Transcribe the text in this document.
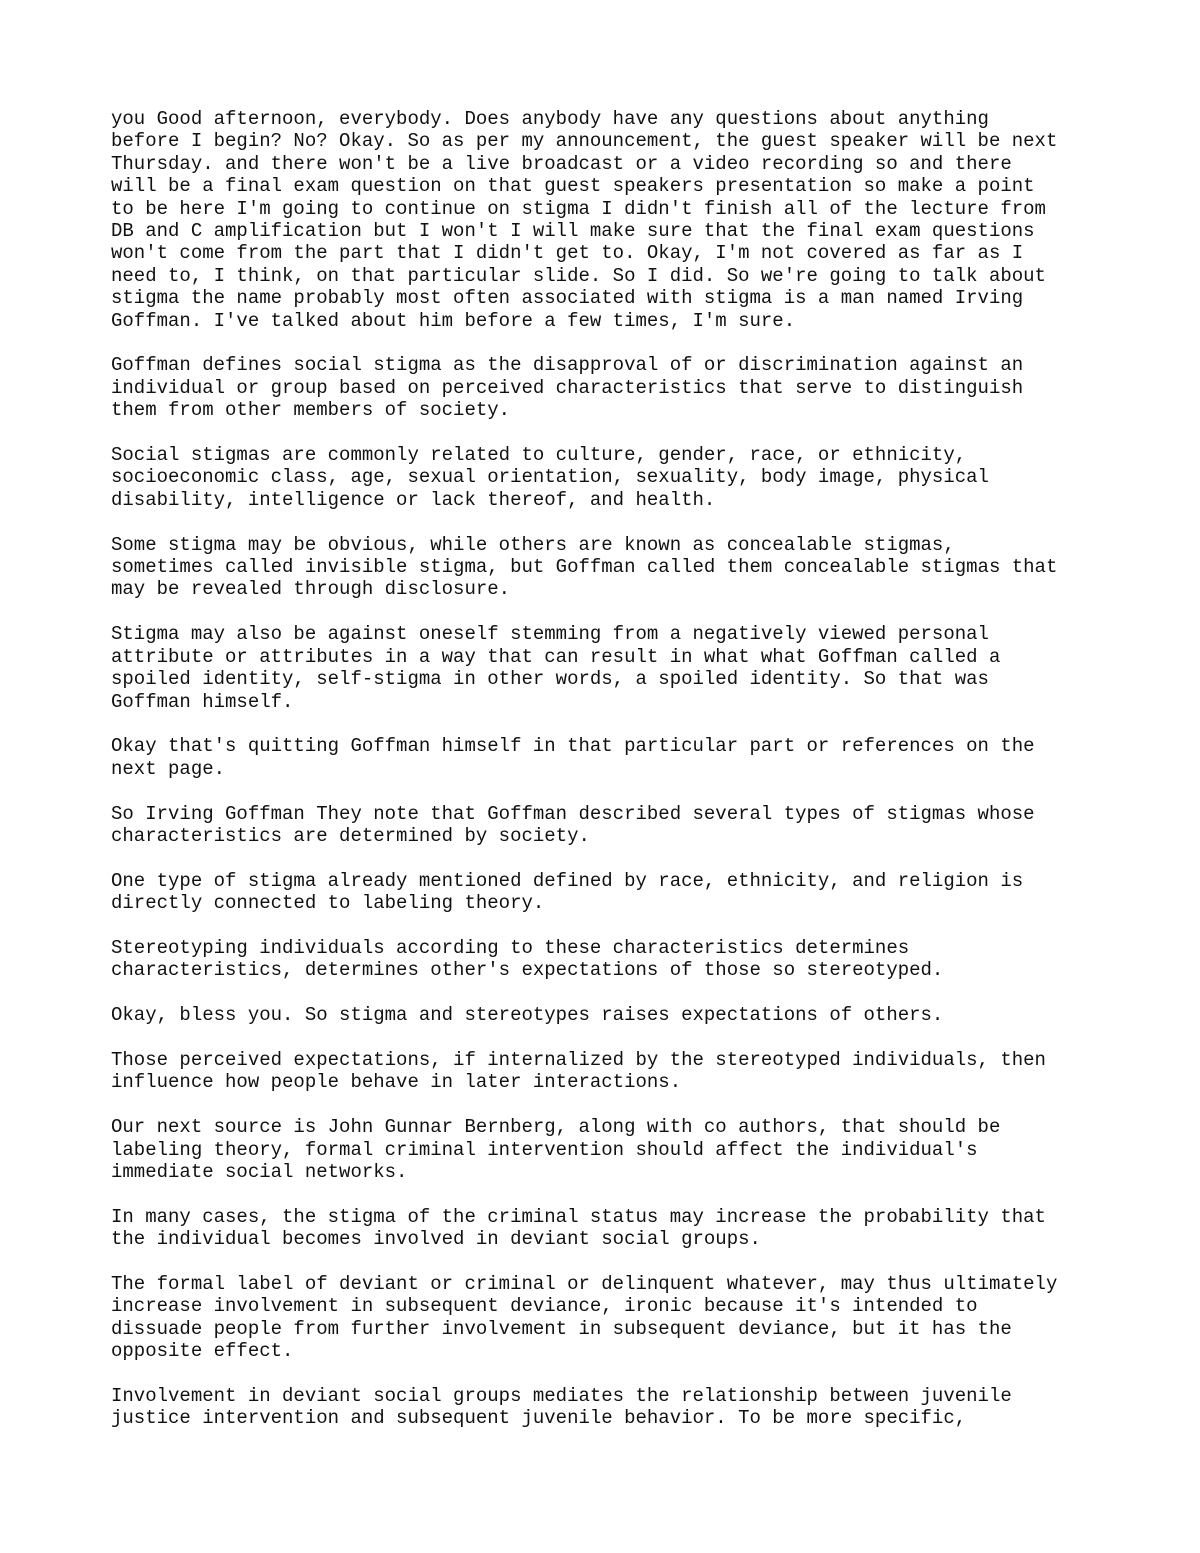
you Good afternoon, everybody. Does anybody have any questions about anything
before I begin? No? Okay. So as per my announcement, the guest speaker will be next
Thursday. and there won't be a live broadcast or a video recording so and there
will be a final exam question on that guest speakers presentation so make a point
to be here I'm going to continue on stigma I didn't finish all of the lecture from
DB and C amplification but I won't I will make sure that the final exam questions
won't come from the part that I didn't get to. Okay, I'm not covered as far as I
need to, I think, on that particular slide. So I did. So we're going to talk about
stigma the name probably most often associated with stigma is a man named Irving
Goffman. I've talked about him before a few times, I'm sure.

Goffman defines social stigma as the disapproval of or discrimination against an
individual or group based on perceived characteristics that serve to distinguish
them from other members of society.

Social stigmas are commonly related to culture, gender, race, or ethnicity,
socioeconomic class, age, sexual orientation, sexuality, body image, physical
disability, intelligence or lack thereof, and health.

Some stigma may be obvious, while others are known as concealable stigmas,
sometimes called invisible stigma, but Goffman called them concealable stigmas that
may be revealed through disclosure.

Stigma may also be against oneself stemming from a negatively viewed personal
attribute or attributes in a way that can result in what what Goffman called a
spoiled identity, self-stigma in other words, a spoiled identity. So that was
Goffman himself.

Okay that's quitting Goffman himself in that particular part or references on the
next page.

So Irving Goffman They note that Goffman described several types of stigmas whose
characteristics are determined by society.

One type of stigma already mentioned defined by race, ethnicity, and religion is
directly connected to labeling theory.

Stereotyping individuals according to these characteristics determines
characteristics, determines other's expectations of those so stereotyped.

Okay, bless you. So stigma and stereotypes raises expectations of others.

Those perceived expectations, if internalized by the stereotyped individuals, then
influence how people behave in later interactions.

Our next source is John Gunnar Bernberg, along with co authors, that should be
labeling theory, formal criminal intervention should affect the individual's
immediate social networks.

In many cases, the stigma of the criminal status may increase the probability that
the individual becomes involved in deviant social groups.

The formal label of deviant or criminal or delinquent whatever, may thus ultimately
increase involvement in subsequent deviance, ironic because it's intended to
dissuade people from further involvement in subsequent deviance, but it has the
opposite effect.

Involvement in deviant social groups mediates the relationship between juvenile
justice intervention and subsequent juvenile behavior. To be more specific,
